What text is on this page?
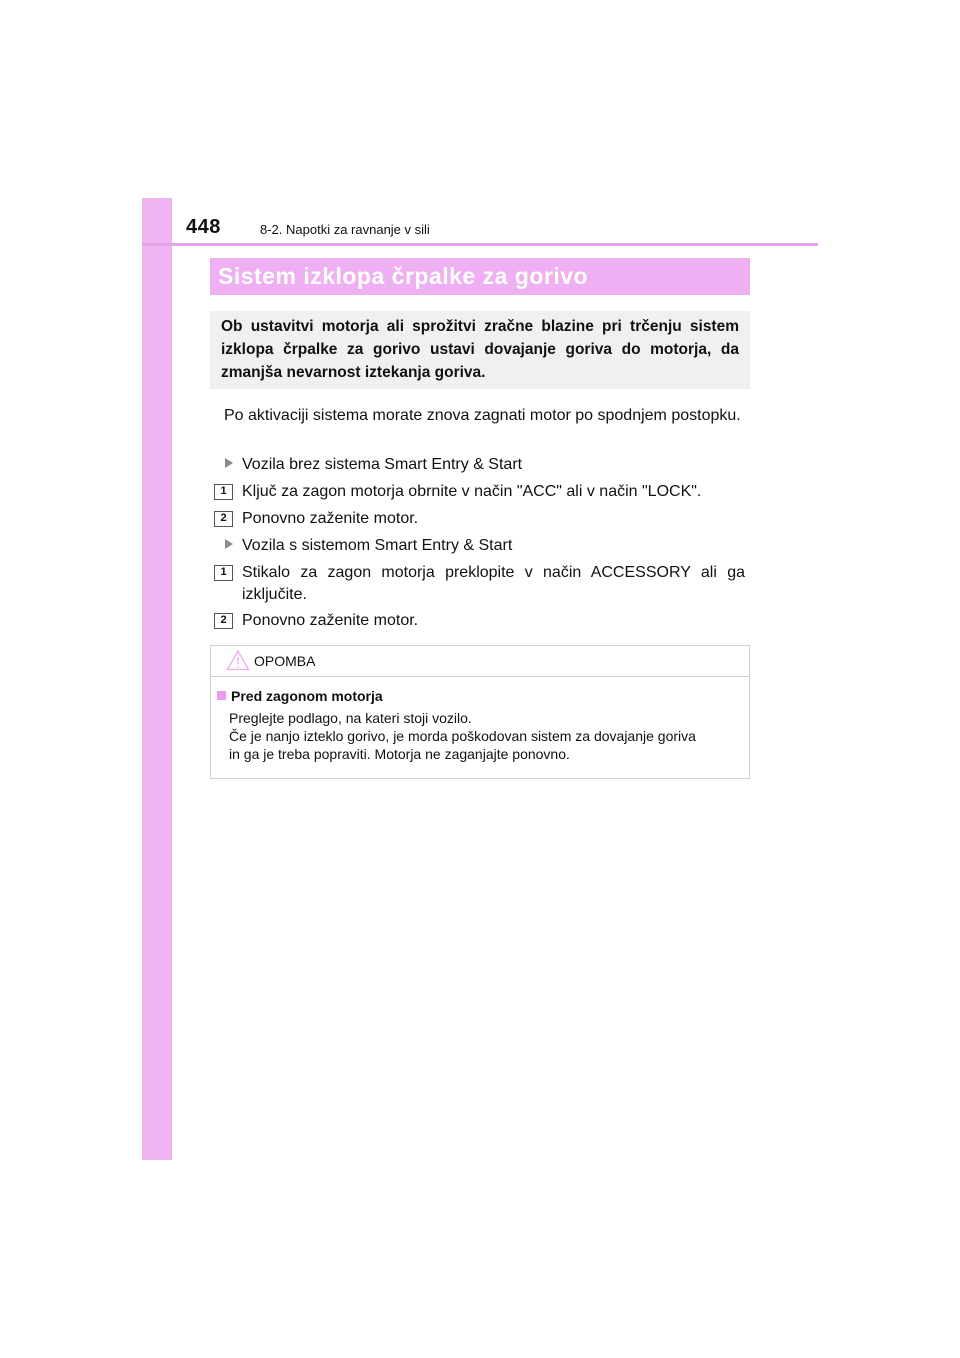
448	8-2. Napotki za ravnanje v sili
Sistem izklopa črpalke za gorivo

Ob ustavitvi motorja ali sprožitvi zračne blazine pri trčenju sistem izklopa črpalke za gorivo ustavi dovajanje goriva do motorja, da zmanjša nevarnost iztekanja goriva.

Po aktivaciji sistema morate znova zagnati motor po spodnjem postopku.
Vozila brez sistema Smart Entry & Start
1 Ključ za zagon motorja obrnite v način "ACC" ali v način "LOCK".
2 Ponovno zaženite motor.
Vozila s sistemom Smart Entry & Start
1 Stikalo za zagon motorja preklopite v način ACCESSORY ali ga izključite.
2 Ponovno zaženite motor.
OPOMBA
Pred zagonom motorja
Preglejte podlago, na kateri stoji vozilo.
Če je nanjo izteklo gorivo, je morda poškodovan sistem za dovajanje goriva
in ga je treba popraviti. Motorja ne zaganjajte ponovno.
